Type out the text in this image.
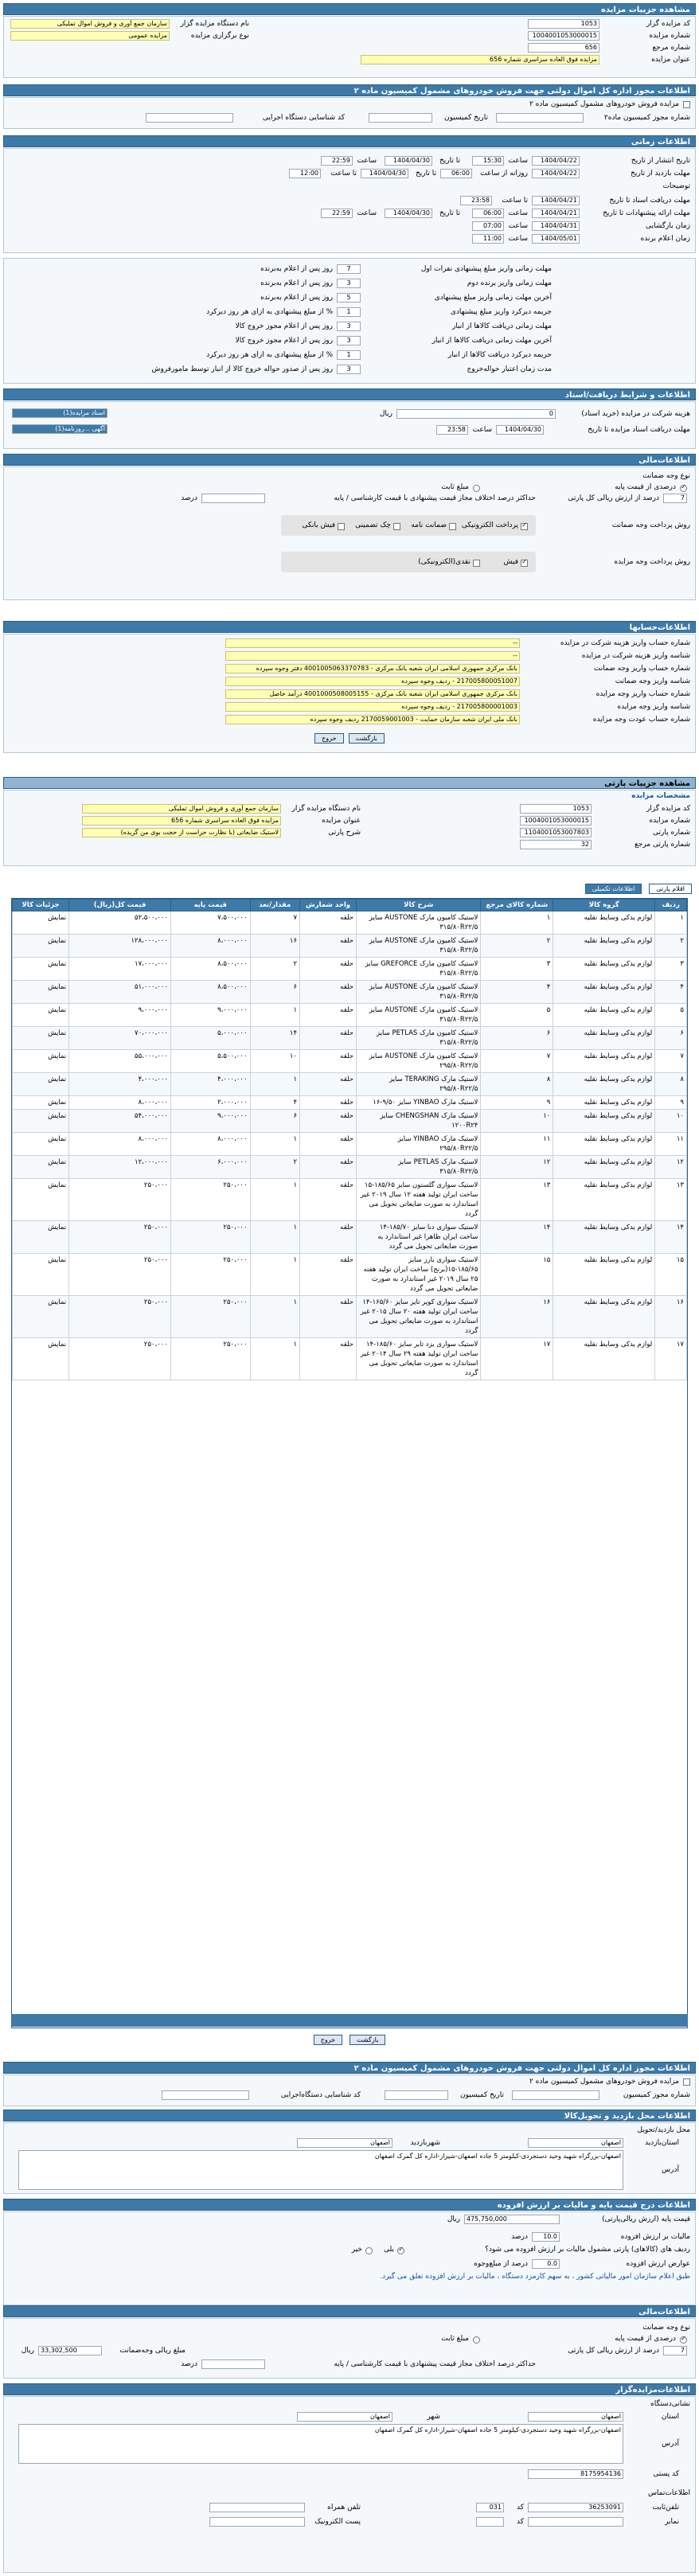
مشاهده جزییات مزایده
کد مزایده گزار
1053
نام دستگاه مزایده گزار
سازمان جمع آوری و فروش اموال تملیکی
شماره مزایده
1004001053000015
نوع برگزاری مزایده
مزایده عمومی
شماره مرجع
656
عنوان مزایده
مزایده فوق العاده سراسری شماره 656
اطلاعات مجوز اداره کل اموال دولتی جهت فروش خودروهای مشمول کمیسیون ماده ۲
مزایده فروش خودروهای مشمول کمیسیون ماده ۲
شماره مجوز کمیسیون ماده۲
تاریخ کمیسیون
کد شناسایی دستگاه اجرایی
اطلاعات زمانی
تاریخ انتشار از تاریخ
1404/04/22
ساعت
15:30
تا تاریخ
1404/04/30
ساعت
22:59
مهلت بازدید از تاریخ
1404/04/22
روزانه از ساعت
06:00
تا تاریخ
1404/04/30
تا ساعت
12:00
توضیحات
مهلت دریافت اسناد تا تاریخ
1404/04/21
تا ساعت
23:58
مهلت ارائه پیشنهادات تا تاریخ
1404/04/21
ساعت
06:00
تا تاریخ
1404/04/30
ساعت
22:59
زمان بازگشایی
1404/04/31
ساعت
07:00
زمان اعلام برنده
1404/05/01
ساعت
11:00
مهلت زمانی واریز مبلغ پیشنهادی نفرات اول
7
روز پس از اعلام به‌برنده
مهلت زمانی واریز برنده دوم
3
روز پس از اعلام به‌برنده
آخرین مهلت زمانی واریز مبلغ پیشنهادی
5
روز پس از اعلام به‌برنده
جریمه دیرکرد واریز مبلغ پیشنهادی
1
% از مبلغ پیشنهادی به ازای هر روز دیرکرد
مهلت زمانی دریافت کالاها از انبار
3
روز پس از اعلام مجوز خروج کالا
آخرین مهلت زمانی دریافت کالاها از انبار
3
روز پس از اعلام مجوز خروج کالا
جریمه دیرکرد دریافت کالاها از انبار
1
% از مبلغ پیشنهادی به ازای هر روز دیرکرد
مدت زمان اعتبار حواله‌خروج
3
روز پس از صدور حواله خروج کالا از انبار توسط مامورفروش
اطلاعات و شرایط دریافت/اسناد
هزینه شرکت در مزایده (خرید اسناد)
0
ریال
مهلت دریافت اسناد مزایده تا تاریخ
1404/04/30
ساعت
23:58
اسناد مزایده(1)
آگهی ...روزنامه(1)
اطلاعات‌مالی
نوع وجه ضمانت
✓
درصدی از قیمت پایه
مبلغ ثابت
7
درصد از ارزش ریالی کل پارتی
حداکثر درصد اختلاف مجاز قیمت پیشنهادی با قیمت کارشناسی / پایه
درصد
روش پرداخت وجه ضمانت
✓
پرداخت الکترونیکی
ضمانت نامه
چک تضمینی
فیش بانکی
روش پرداخت وجه مزایده
✓
فیش
نقدی(الکترونیکی)
اطلاعات‌حسابها
شماره حساب واریز هزینه شرکت در مزایده
--
شناسه واریز هزینه شرکت در مزایده
--
شماره حساب واریز وجه ضمانت
بانک مرکزی جمهوری اسلامی ایران شعبه بانک مرکزی - 4001005063370783 دفتر وجوه سپرده
شناسه واریز وجه ضمانت
217005800051007 - ردیف وجوه سپرده
شماره حساب واریز وجه مزایده
بانک مرکزی جمهوری اسلامی ایران شعبه بانک مرکزی - 4001000508005155 درآمد حاصل
شناسه واریز وجه مزایده
217005800001003 - ردیف وجوه سپرده
شماره حساب عودت وجه مزایده
بانک ملی ایران شعبه سازمان حمایت - 2170059001003 ردیف وجوه سپرده
بازگشتخروج
مشاهده جزییات پارتی
مشخصات مزایده
کد مزایده گزار
1053
نام دستگاه مزایده گزار
سازمان جمع آوری و فروش اموال تملیکی
شماره مزایده
1004001053000015
عنوان مزایده
مزایده فوق العاده سراسری شماره 656
شماره پارتی
1104001053007803
شرح پارتی
لاستیک ضایعاتی (با نظارت حراست از حجت بوی من گزیده)
شماره پارتی مرجع
32
اقلام پارتی اطلاعات تکمیلی
ردیف	گروه کالا	شماره کالای مرجع	شرح کالا	واحد شمارش	مقدار/تعد	قیمت پایه	قیمت کل(ریال)	جزئیات کالا
۱	لوازم یدکی وسایط نقلیه	۱	لاستیک کامیون مارک AUSTONE سایز ۳۱۵/۸۰R۲۲/۵	حلقه	۷	۷،۵۰۰،۰۰۰	۵۲،۵۰۰،۰۰۰	نمایش
۲	لوازم یدکی وسایط نقلیه	۲	لاستیک کامیون مارک AUSTONE سایز ۳۱۵/۸۰R۲۲/۵	حلقه	۱۶	۸،۰۰۰،۰۰۰	۱۲۸،۰۰۰،۰۰۰	نمایش
۳	لوازم یدکی وسایط نقلیه	۳	لاستیک کامیون مارک GREFORCE سایز ۳۱۵/۸۰R۲۲/۵	حلقه	۲	۸،۵۰۰،۰۰۰	۱۷،۰۰۰،۰۰۰	نمایش
۴	لوازم یدکی وسایط نقلیه	۴	لاستیک کامیون مارک AUSTONE سایز ۳۱۵/۸۰R۲۲/۵	حلقه	۶	۸،۵۰۰،۰۰۰	۵۱،۰۰۰،۰۰۰	نمایش
۵	لوازم یدکی وسایط نقلیه	۵	لاستیک کامیون مارک AUSTONE سایز ۳۱۵/۸۰R۲۲/۵	حلقه	۱	۹،۰۰۰،۰۰۰	۹،۰۰۰،۰۰۰	نمایش
۶	لوازم یدکی وسایط نقلیه	۶	لاستیک کامیون مارک PETLAS سایز ۳۱۵/۸۰R۲۲/۵	حلقه	۱۴	۵،۰۰۰،۰۰۰	۷۰،۰۰۰،۰۰۰	نمایش
۷	لوازم یدکی وسایط نقلیه	۷	لاستیک کامیون مارک AUSTONE سایز ۲۹۵/۸۰R۲۲/۵	حلقه	۱۰	۵،۵۰۰،۰۰۰	۵۵،۰۰۰،۰۰۰	نمایش
۸	لوازم یدکی وسایط نقلیه	۸	لاستیک مارک TERAKING سایز ۲۹۵/۸۰R۲۲/۵	حلقه	۱	۴،۰۰۰،۰۰۰	۴،۰۰۰،۰۰۰	نمایش
۹	لوازم یدکی وسایط نقلیه	۹	لاستیک مارک YINBAO سایز ۹/۵۰-۱۶	حلقه	۴	۲،۰۰۰،۰۰۰	۸،۰۰۰،۰۰۰	نمایش
۱۰	لوازم یدکی وسایط نقلیه	۱۰	لاستیک مارک CHENGSHAN سایز ۱۲۰۰R۲۴	حلقه	۶	۹،۰۰۰،۰۰۰	۵۴،۰۰۰،۰۰۰	نمایش
۱۱	لوازم یدکی وسایط نقلیه	۱۱	لاستیک مارک YINBAO سایز ۲۹۵/۸۰R۲۲/۵	حلقه	۱	۸،۰۰۰،۰۰۰	۸،۰۰۰،۰۰۰	نمایش
۱۲	لوازم یدکی وسایط نقلیه	۱۲	لاستیک مارک PETLAS سایز ۳۱۵/۸۰R۲۲/۵	حلقه	۲	۶،۰۰۰،۰۰۰	۱۲،۰۰۰،۰۰۰	نمایش
۱۳	لوازم یدکی وسایط نقلیه	۱۳	لاستیک سواری گلستون سایز ۱۸۵/۶۵-۱۵ ساخت ایران تولید هفته ۱۲ سال ۲۰۱۹ غیر استاندارد به صورت ضایعاتی تحویل می گردد	حلقه	۱	۲۵۰،۰۰۰	۲۵۰،۰۰۰	نمایش
۱۴	لوازم یدکی وسایط نقلیه	۱۴	لاستیک سواری دنا سایز ۱۸۵/۷۰-۱۴ ساخت ایران ظاهرا غیر استاندارد به صورت ضایعاتی تحویل می گردد	حلقه	۱	۲۵۰،۰۰۰	۲۵۰،۰۰۰	نمایش
۱۵	لوازم یدکی وسایط نقلیه	۱۵	لاستیک سواری بارز سایز ۱۸۵/۶۵-۱۵(برنج) ساخت ایران تولید هفته ۲۵ سال ۲۰۱۹ غیر استاندارد به صورت ضایعاتی تحویل می گردد	حلقه	۱	۲۵۰،۰۰۰	۲۵۰،۰۰۰	نمایش
۱۶	لوازم یدکی وسایط نقلیه	۱۶	لاستیک سواری کویر تایر سایز ۱۶۵/۶۰-۱۴ ساخت ایران تولید هفته ۲۰ سال ۲۰۱۵ غیر استاندارد به صورت ضایعاتی تحویل می گردد	حلقه	۱	۲۵۰،۰۰۰	۲۵۰،۰۰۰	نمایش
۱۷	لوازم یدکی وسایط نقلیه	۱۷	لاستیک سواری یزد تایر سایز ۱۸۵/۶۰-۱۴ ساخت ایران تولید هفته ۲۹ سال ۲۰۱۴ غیر استاندارد به صورت ضایعاتی تحویل می گردد	حلقه	۱	۲۵۰،۰۰۰	۲۵۰،۰۰۰	نمایش
بازگشت خروج
اطلاعات مجوز اداره کل اموال دولتی جهت فروش خودروهای مشمول کمیسیون ماده ۲
مزایده فروش خودروهای مشمول کمیسیون ماده ۲
شماره مجوز کمیسیون
تاریخ کمیسیون
کد شناسایی دستگاه‌اجرایی
اطلاعات محل بازدید و تحویل‌کالا
محل بازدید/تحویل
استان‌بازدید
اصفهان
شهر‌بازدید
اصفهان
آدرس
اصفهان-بزرگراه شهید وحید دستجردی-کیلومتر 5 جاده اصفهان-شیراز-اداره کل گمرک اصفهان
اطلاعات درج قیمت پایه و مالیات بر ارزش افزوده
قیمت پایه (ارزش ریالی‌پارتی)
475,750,000
ریال
مالیات بر ارزش افزوده
10.0
درصد
ردیف های (کالاهای) پارتی مشمول مالیات بر ارزش افزوده می شود؟
✓
بلی
خیر
عوارض ارزش افزوده
0.0
درصد از مبلغ‌وجوه
طبق اعلام سازمان امور مالیاتی کشور ، به سهم کارمزد دستگاه ، مالیات بر ارزش افزوده تعلق می گیرد.
اطلاعات‌مالی
نوع وجه ضمانت
✓
درصدی از قیمت پایه
مبلغ ثابت
7
درصد از ارزش ریالی کل پارتی
مبلغ ریالی وجه‌ضمانت
33,302,500
ریال
حداکثر درصد اختلاف مجاز قیمت پیشنهادی با قیمت کارشناسی / پایه
درصد
اطلاعات‌مزایده‌گزار
نشانی‌دستگاه
استان
اصفهان
شهر
اصفهان
آدرس
اصفهان-بزرگراه شهید وحید دستجردی-کیلومتر 5 جاده اصفهان-شیراز-اداره کل گمرک اصفهان
کد پستی
8175954136
اطلاعات‌تماس
تلفن‌ثابت
36253091
کد
031
نمابر
کد
تلفن همراه
پست الکترونیک
